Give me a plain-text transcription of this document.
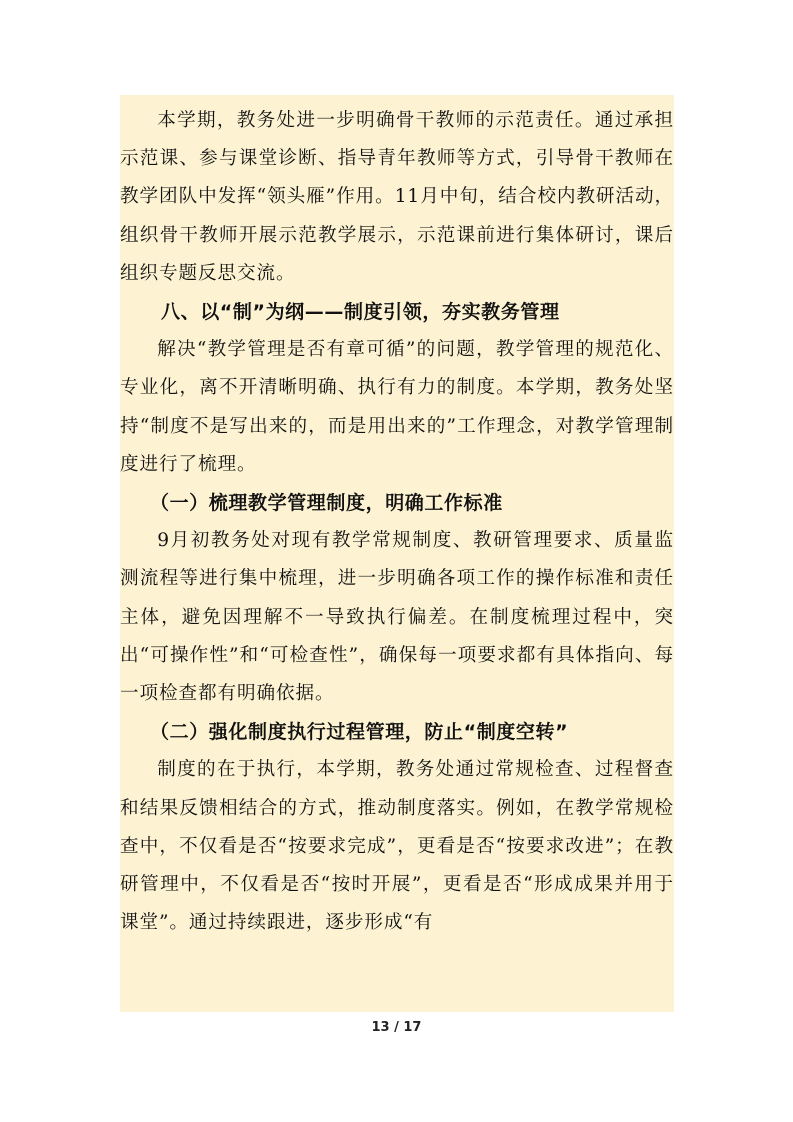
本学期，教务处进一步明确骨干教师的示范责任。通过承担示范课、参与课堂诊断、指导青年教师等方式，引导骨干教师在教学团队中发挥“领头雁”作用。11月中旬，结合校内教研活动，组织骨干教师开展示范教学展示，示范课前进行集体研讨，课后组织专题反思交流。

八、以“制”为纲——制度引领，夯实教务管理

解决“教学管理是否有章可循”的问题，教学管理的规范化、专业化，离不开清晰明确、执行有力的制度。本学期，教务处坚持“制度不是写出来的，而是用出来的”工作理念，对教学管理制度进行了梳理。

（一）梳理教学管理制度，明确工作标准

9月初教务处对现有教学常规制度、教研管理要求、质量监测流程等进行集中梳理，进一步明确各项工作的操作标准和责任主体，避免因理解不一导致执行偏差。在制度梳理过程中，突出“可操作性”和“可检查性”，确保每一项要求都有具体指向、每一项检查都有明确依据。

（二）强化制度执行过程管理，防止“制度空转”

制度的在于执行，本学期，教务处通过常规检查、过程督查和结果反馈相结合的方式，推动制度落实。例如，在教学常规检查中，不仅看是否“按要求完成”，更看是否“按要求改进”；在教研管理中，不仅看是否“按时开展”，更看是否“形成成果并用于课堂”。通过持续跟进，逐步形成“有

13 / 17
